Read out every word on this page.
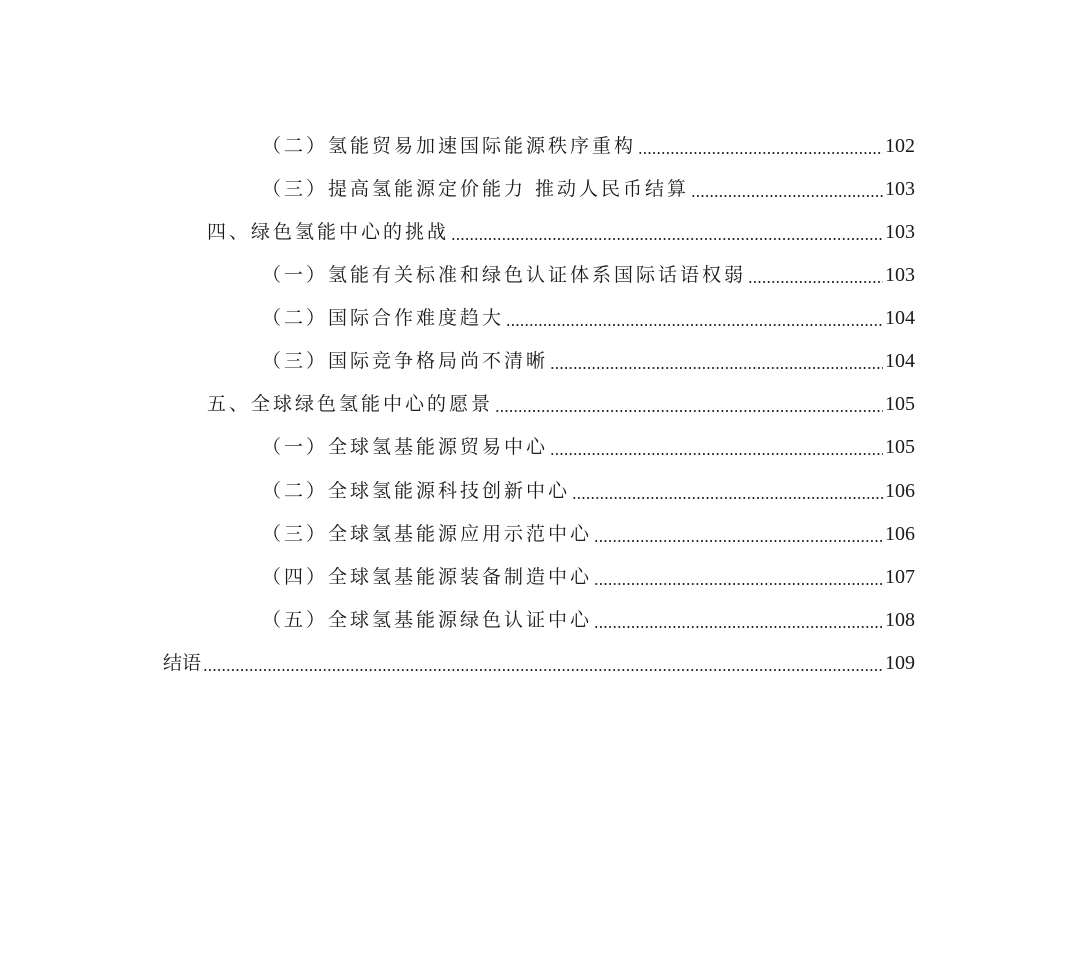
（二）氢能贸易加速国际能源秩序重构	102
（三）提高氢能源定价能力 推动人民币结算	103
四、绿色氢能中心的挑战	103
（一）氢能有关标准和绿色认证体系国际话语权弱	103
（二）国际合作难度趋大	104
（三）国际竞争格局尚不清晰	104
五、全球绿色氢能中心的愿景	105
（一）全球氢基能源贸易中心	105
（二）全球氢能源科技创新中心	106
（三）全球氢基能源应用示范中心	106
（四）全球氢基能源装备制造中心	107
（五）全球氢基能源绿色认证中心	108
结语	109
